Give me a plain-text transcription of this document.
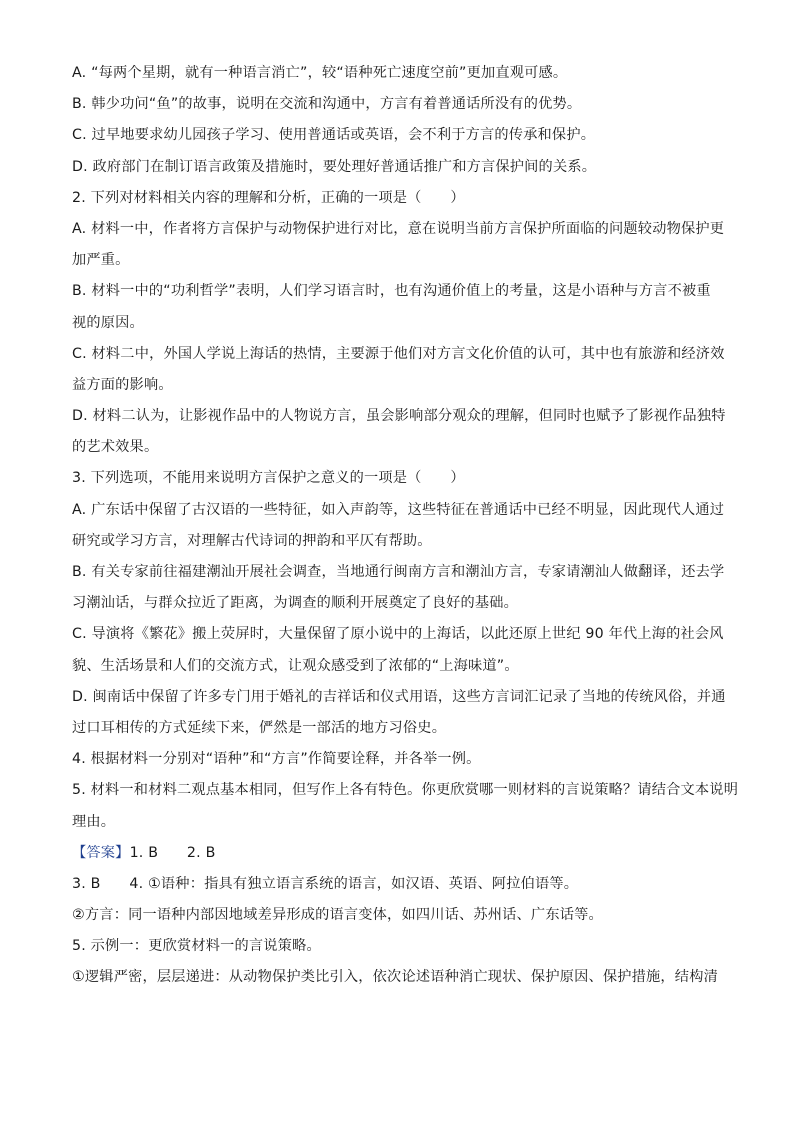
A. “每两个星期，就有一种语言消亡”，较“语种死亡速度空前”更加直观可感。
B. 韩少功问“鱼”的故事，说明在交流和沟通中，方言有着普通话所没有的优势。
C. 过早地要求幼儿园孩子学习、使用普通话或英语，会不利于方言的传承和保护。
D. 政府部门在制订语言政策及措施时，要处理好普通话推广和方言保护间的关系。
2. 下列对材料相关内容的理解和分析，正确的一项是（　　）
A. 材料一中，作者将方言保护与动物保护进行对比，意在说明当前方言保护所面临的问题较动物保护更
加严重。
B. 材料一中的“功利哲学”表明，人们学习语言时，也有沟通价值上的考量，这是小语种与方言不被重
视的原因。
C. 材料二中，外国人学说上海话的热情，主要源于他们对方言文化价值的认可，其中也有旅游和经济效
益方面的影响。
D. 材料二认为，让影视作品中的人物说方言，虽会影响部分观众的理解，但同时也赋予了影视作品独特
的艺术效果。
3. 下列选项，不能用来说明方言保护之意义的一项是（　　）
A. 广东话中保留了古汉语的一些特征，如入声韵等，这些特征在普通话中已经不明显，因此现代人通过
研究或学习方言，对理解古代诗词的押韵和平仄有帮助。
B. 有关专家前往福建潮汕开展社会调查，当地通行闽南方言和潮汕方言，专家请潮汕人做翻译，还去学
习潮汕话，与群众拉近了距离，为调查的顺利开展奠定了良好的基础。
C. 导演将《繁花》搬上荧屏时，大量保留了原小说中的上海话，以此还原上世纪 90 年代上海的社会风
貌、生活场景和人们的交流方式，让观众感受到了浓郁的“上海味道”。
D. 闽南话中保留了许多专门用于婚礼的吉祥话和仪式用语，这些方言词汇记录了当地的传统风俗，并通
过口耳相传的方式延续下来，俨然是一部活的地方习俗史。
4. 根据材料一分别对“语种”和“方言”作简要诠释，并各举一例。
5. 材料一和材料二观点基本相同，但写作上各有特色。你更欣赏哪一则材料的言说策略？请结合文本说明
理由。
【答案】1. B　　2. B
3. B　　4. ①语种：指具有独立语言系统的语言，如汉语、英语、阿拉伯语等。
②方言：同一语种内部因地域差异形成的语言变体，如四川话、苏州话、广东话等。
5. 示例一：更欣赏材料一的言说策略。
①逻辑严密，层层递进：从动物保护类比引入，依次论述语种消亡现状、保护原因、保护措施，结构清
